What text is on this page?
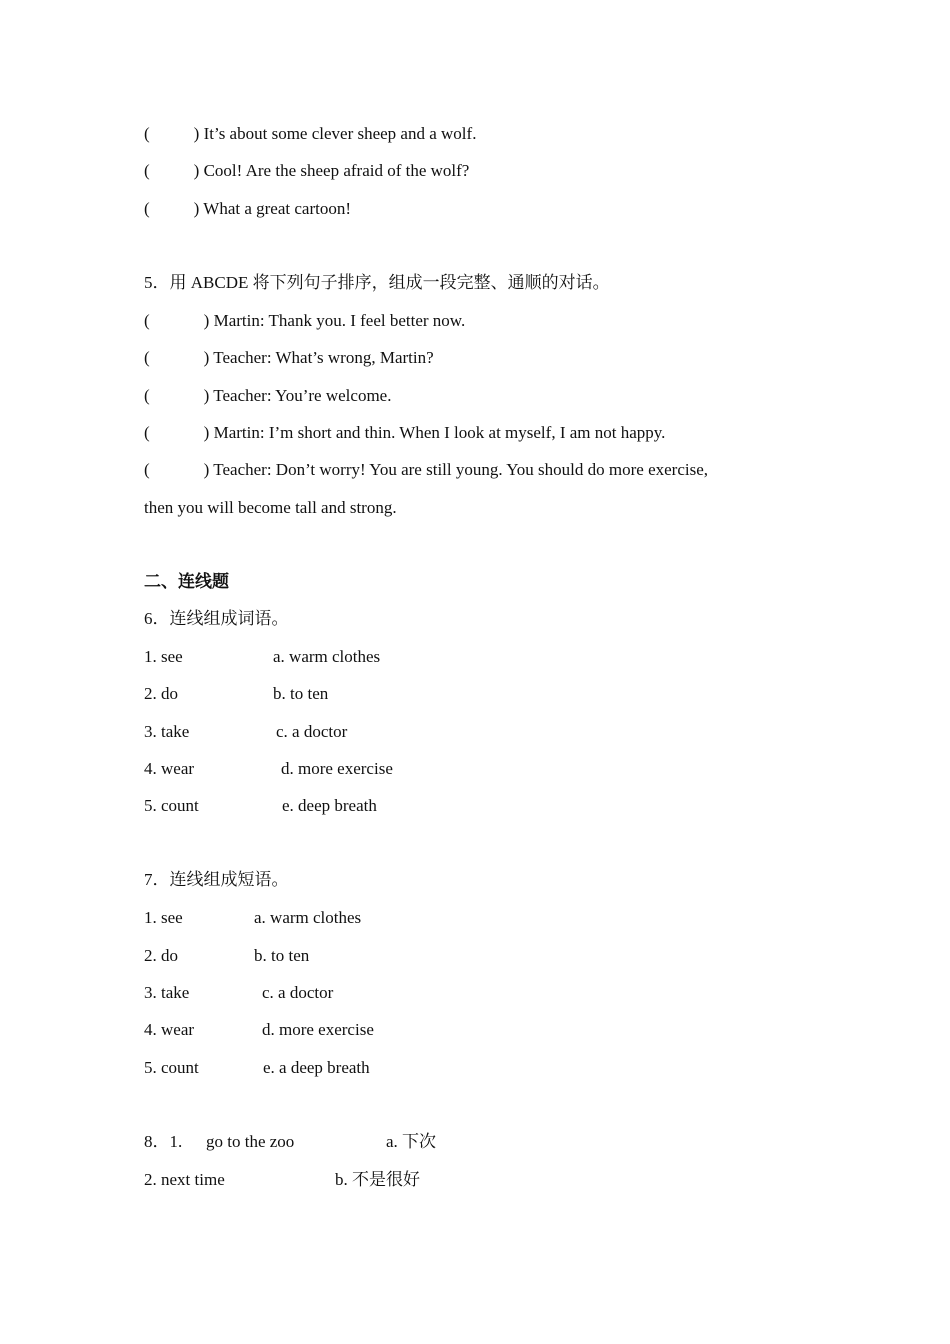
(	) It’s about some clever sheep and a wolf.
(	) Cool! Are the sheep afraid of the wolf?
(	) What a great cartoon!
5．用 ABCDE 将下列句子排序，组成一段完整、通顺的对话。
(	) Martin: Thank you. I feel better now.
(	) Teacher: What’s wrong, Martin?
(	) Teacher: You’re welcome.
(	) Martin: I’m short and thin. When I look at myself, I am not happy.
(	) Teacher: Don’t worry! You are still young. You should do more exercise,
then you will become tall and strong.
二、连线题
6．连线组成词语。
1. see	a. warm clothes
2. do	b. to ten
3. take	c. a doctor
4. wear	d. more exercise
5. count	e. deep breath
7．连线组成短语。
1. see	a. warm clothes
2. do	b. to ten
3. take	c. a doctor
4. wear	d. more exercise
5. count	e. a deep breath
8．1. go to the zoo	a. 下次
2. next time	b. 不是很好
